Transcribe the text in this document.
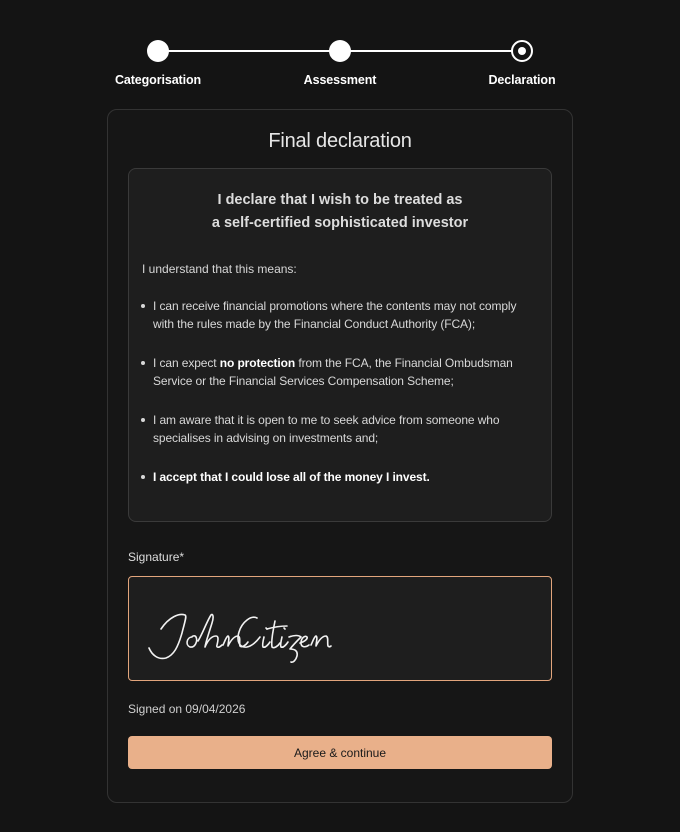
Categorisation	Assessment	Declaration
Final declaration
I declare that I wish to be treated as
a self-certified sophisticated investor
I understand that this means:
I can receive financial promotions where the contents may not comply with the rules made by the Financial Conduct Authority (FCA);
I can expect no protection from the FCA, the Financial Ombudsman Service or the Financial Services Compensation Scheme;
I am aware that it is open to me to seek advice from someone who specialises in advising on investments and;
I accept that I could lose all of the money I invest.
Signature*
Signed on 09/04/2026
Agree & continue
